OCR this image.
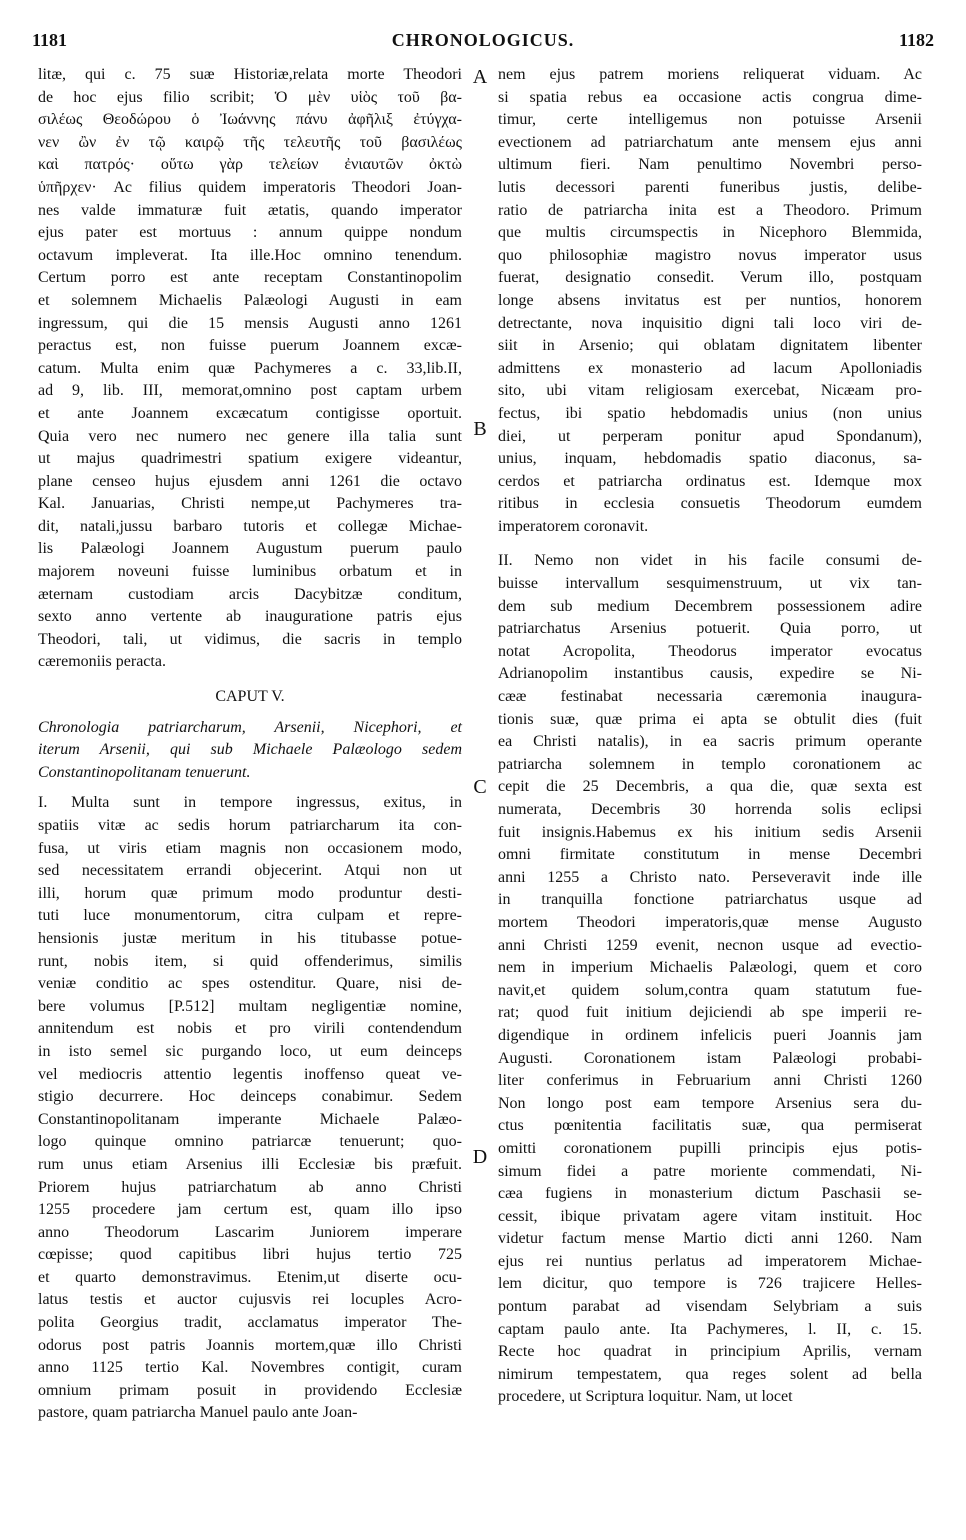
1181	CHRONOLOGICUS.	1182
litæ, qui c. 75 suæ Historiæ,relata morte Theodori
de hoc ejus filio scribit; Ὁ μὲν υἱὸς τοῦ βα-
σιλέως Θεοδώρου ὁ Ἰωάννης πάνυ ἀφῆλιξ ἐτύγχα-
νεν ὢν ἐν τῷ καιρῷ τῆς τελευτῆς τοῦ βασιλέως
καὶ πατρός· οὕτω γὰρ τελείων ἐνιαυτῶν ὀκτὼ
ὑπῆρχεν· Ac filius quidem imperatoris Theodori Joan-
nes valde immaturæ fuit ætatis, quando imperator
ejus pater est mortuus : annum quippe nondum
octavum impleverat. Ita ille.Hoc omnino tenendum.
Certum porro est ante receptam Constantinopolim
et solemnem Michaelis Palæologi Augusti in eam
ingressum, qui die 15 mensis Augusti anno 1261
peractus est, non fuisse puerum Joannem excæ-
catum. Multa enim quæ Pachymeres a c. 33,lib.II,
ad 9, lib. III, memorat,omnino post captam urbem
et ante Joannem excæcatum contigisse oportuit.
Quia vero nec numero nec genere illa talia sunt
ut majus quadrimestri spatium exigere videantur,
plane censeo hujus ejusdem anni 1261 die octavo
Kal. Januarias, Christi nempe,ut Pachymeres tra-
dit, natali,jussu barbaro tutoris et collegæ Michae-
lis Palæologi Joannem Augustum puerum paulo
majorem noveuni fuisse luminibus orbatum et in
æternam custodiam arcis Dacybitzæ conditum,
sexto anno vertente ab inauguratione patris ejus
Theodori, tali, ut vidimus, die sacris in templo
cæremoniis peracta.
CAPUT V.
Chronologia patriarcharum, Arsenii, Nicephori, et
iterum Arsenii, qui sub Michaele Palæologo sedem
Constantinopolitanam tenuerunt.
I. Multa sunt in tempore ingressus, exitus, in
spatiis vitæ ac sedis horum patriarcharum ita con-
fusa, ut viris etiam magnis non occasionem modo,
sed necessitatem errandi objecerint. Atqui non ut
illi, horum quæ primum modo produntur desti-
tuti luce monumentorum, citra culpam et repre-
hensionis justæ meritum in his titubasse potue-
runt, nobis item, si quid offenderimus, similis
veniæ conditio ac spes ostenditur. Quare, nisi de-
bere volumus [P.512] multam negligentiæ nomine,
annitendum est nobis et pro virili contendendum
in isto semel sic purgando loco, ut eum deinceps
vel mediocris attentio legentis inoffenso queat ve-
stigio decurrere. Hoc deinceps conabimur. Sedem
Constantinopolitanam imperante Michaele Palæo-
logo quinque omnino patriarcæ tenuerunt; quo-
rum unus etiam Arsenius illi Ecclesiæ bis præfuit.
Priorem hujus patriarchatum ab anno Christi
1255 procedere jam certum est, quam illo ipso
anno Theodorum Lascarim Juniorem imperare
cœpisse; quod capitibus libri hujus tertio 725
et quarto demonstravimus. Etenim,ut diserte ocu-
latus testis et auctor cujusvis rei locuples Acro-
polita Georgius tradit, acclamatus imperator The-
odorus post patris Joannis mortem,quæ illo Christi
anno 1125 tertio Kal. Novembres contigit, curam
omnium primam posuit in providendo Ecclesiæ
pastore, quam patriarcha Manuel paulo ante Joan-
nem ejus patrem moriens reliquerat viduam. Ac
si spatia rebus ea occasione actis congrua dime-
timur, certe intelligemus non potuisse Arsenii
evectionem ad patriarchatum ante mensem ejus anni
ultimum fieri. Nam penultimo Novembri perso-
lutis decessori parenti funeribus justis, delibe-
ratio de patriarcha inita est a Theodoro. Primum
que multis circumspectis in Nicephoro Blemmida,
quo philosophiæ magistro novus imperator usus
fuerat, designatio consedit. Verum illo, postquam
longe absens invitatus est per nuntios, honorem
detrectante, nova inquisitio digni tali loco viri de-
siit in Arsenio; qui oblatam dignitatem libenter
admittens ex monasterio ad lacum Apolloniadis
sito, ubi vitam religiosam exercebat, Nicæam pro-
fectus, ibi spatio hebdomadis unius (non unius
diei, ut perperam ponitur apud Spondanum),
unius, inquam, hebdomadis spatio diaconus, sa-
cerdos et patriarcha ordinatus est. Idemque mox
ritibus in ecclesia consuetis Theodorum eumdem
imperatorem coronavit.
II. Nemo non videt in his facile consumi de-
buisse intervallum sesquimenstruum, ut vix tan-
dem sub medium Decembrem possessionem adire
patriarchatus Arsenius potuerit. Quia porro, ut
notat Acropolita, Theodorus imperator evocatus
Adrianopolim instantibus causis, expedire se Ni-
cææ festinabat necessaria cæremonia inaugura-
tionis suæ, quæ prima ei apta se obtulit dies (fuit
ea Christi natalis), in ea sacris primum operante
patriarcha solemnem in templo coronationem ac
cepit die 25 Decembris, a qua die, quæ sexta est
numerata, Decembris 30 horrenda solis eclipsi
fuit insignis.Habemus ex his initium sedis Arsenii
omni firmitate constitutum in mense Decembri
anni 1255 a Christo nato. Perseveravit inde ille
in tranquilla fonctione patriarchatus usque ad
mortem Theodori imperatoris,quæ mense Augusto
anni Christi 1259 evenit, necnon usque ad evectio-
nem in imperium Michaelis Palæologi, quem et coro
navit,et quidem solum,contra quam statutum fue-
rat; quod fuit initium dejiciendi ab spe imperii re-
digendique in ordinem infelicis pueri Joannis jam
Augusti. Coronationem istam Palæologi probabi-
liter conferimus in Februarium anni Christi 1260
Non longo post eam tempore Arsenius sera du-
ctus pœnitentia facilitatis suæ, qua permiserat
omitti coronationem pupilli principis ejus potis-
simum fidei a patre moriente commendati, Ni-
cæa fugiens in monasterium dictum Paschasii se-
cessit, ibique privatam agere vitam instituit. Hoc
videtur factum mense Martio dicti anni 1260. Nam
ejus rei nuntius perlatus ad imperatorem Michae-
lem dicitur, quo tempore is 726 trajicere Helles-
pontum parabat ad visendam Selybriam a suis
captam paulo ante. Ita Pachymeres, l. II, c. 15.
Recte hoc quadrat in principium Aprilis, vernam
nimirum tempestatem, qua reges solent ad bella
procedere, ut Scriptura loquitur. Nam, ut locet
A
B
C
D
